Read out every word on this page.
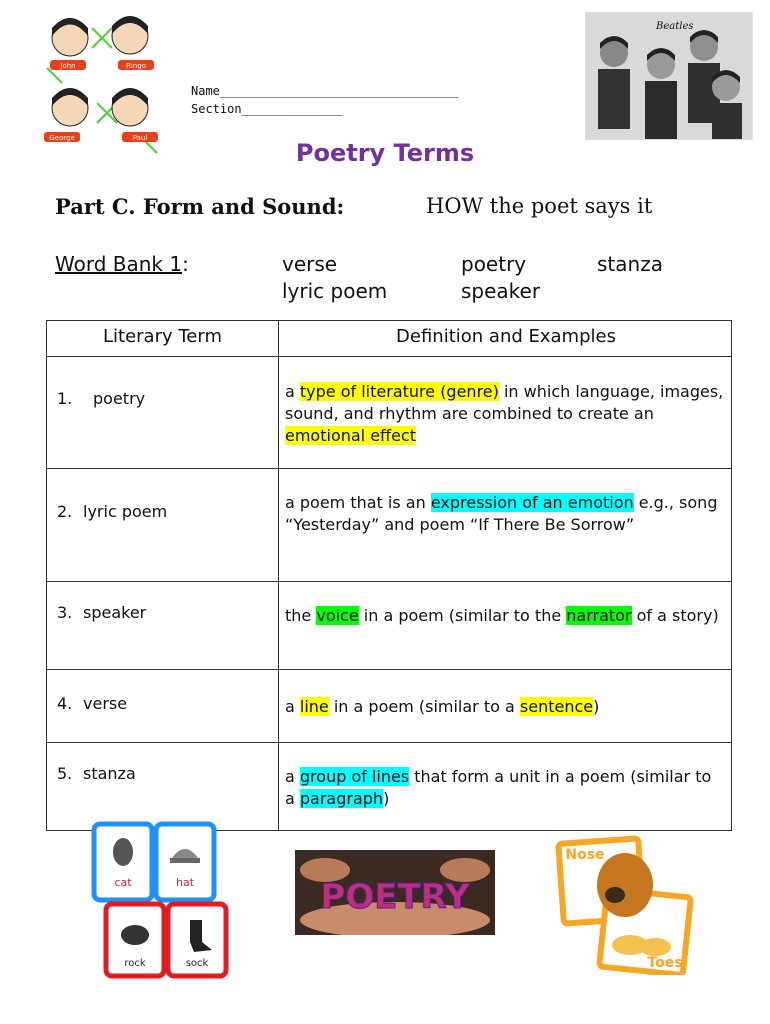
John	Ringo
George	Paul
Beatles
Name_________________________________
Section______________
Poetry Terms
Part C. Form and Sound:	HOW the poet says it
Word Bank 1:	verse
lyric poem
poetry
speaker
stanza
Literary Term	Definition and Examples
1. poetry	a type of literature (genre) in which language, images, sound, and rhythm are combined to create an emotional effect
2. lyric poem	a poem that is an expression of an emotion e.g., song “Yesterday” and poem “If There Be Sorrow”
3. speaker	the voice in a poem (similar to the narrator of a story)
4. verse	a line in a poem (similar to a sentence)
5. stanza	a group of lines that form a unit in a poem (similar to a paragraph)
cat	hat
rock	sock
POETRY
Nose
Toes
